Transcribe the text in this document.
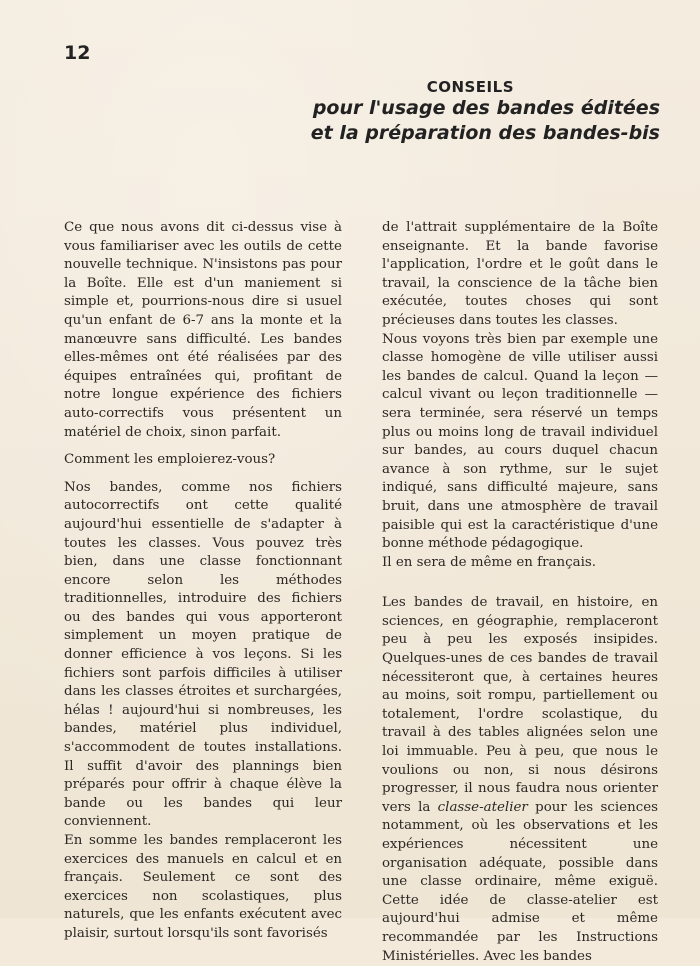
12
CONSEILS
pour l'usage des bandes éditées
et la préparation des bandes-bis

Ce que nous avons dit ci-dessus vise à vous familiariser avec les outils de cette nouvelle technique. N'insistons pas pour la Boîte. Elle est d'un maniement si simple et, pourrions-nous dire si usuel qu'un enfant de 6-7 ans la monte et la manœuvre sans difficulté. Les bandes elles-mêmes ont été réalisées par des équipes entraînées qui, profitant de notre longue expérience des fichiers auto-correctifs vous présentent un matériel de choix, sinon parfait.

Comment les emploierez-vous?

Nos bandes, comme nos fichiers autocorrectifs ont cette qualité aujourd'hui essentielle de s'adapter à toutes les classes. Vous pouvez très bien, dans une classe fonctionnant encore selon les méthodes traditionnelles, introduire des fichiers ou des bandes qui vous apporteront simplement un moyen pratique de donner efficience à vos leçons. Si les fichiers sont parfois difficiles à utiliser dans les classes étroites et surchargées, hélas ! aujourd'hui si nombreuses, les bandes, matériel plus individuel, s'accommodent de toutes installations. Il suffit d'avoir des plannings bien préparés pour offrir à chaque élève la bande ou les bandes qui leur conviennent.

En somme les bandes remplaceront les exercices des manuels en calcul et en français. Seulement ce sont des exercices non scolastiques, plus naturels, que les enfants exécutent avec plaisir, surtout lorsqu'ils sont favorisés

de l'attrait supplémentaire de la Boîte enseignante. Et la bande favorise l'application, l'ordre et le goût dans le travail, la conscience de la tâche bien exécutée, toutes choses qui sont précieuses dans toutes les classes.

Nous voyons très bien par exemple une classe homogène de ville utiliser aussi les bandes de calcul. Quand la leçon — calcul vivant ou leçon traditionnelle — sera terminée, sera réservé un temps plus ou moins long de travail individuel sur bandes, au cours duquel chacun avance à son rythme, sur le sujet indiqué, sans difficulté majeure, sans bruit, dans une atmosphère de travail paisible qui est la caractéristique d'une bonne méthode pédagogique.

Il en sera de même en français.

Les bandes de travail, en histoire, en sciences, en géographie, remplaceront peu à peu les exposés insipides. Quelques-unes de ces bandes de travail nécessiteront que, à certaines heures au moins, soit rompu, partiellement ou totalement, l'ordre scolastique, du travail à des tables alignées selon une loi immuable. Peu à peu, que nous le voulions ou non, si nous désirons progresser, il nous faudra nous orienter vers la classe-atelier pour les sciences notamment, où les observations et les expériences nécessitent une organisation adéquate, possible dans une classe ordinaire, même exiguë. Cette idée de classe-atelier est aujourd'hui admise et même recommandée par les Instructions Ministérielles. Avec les bandes
